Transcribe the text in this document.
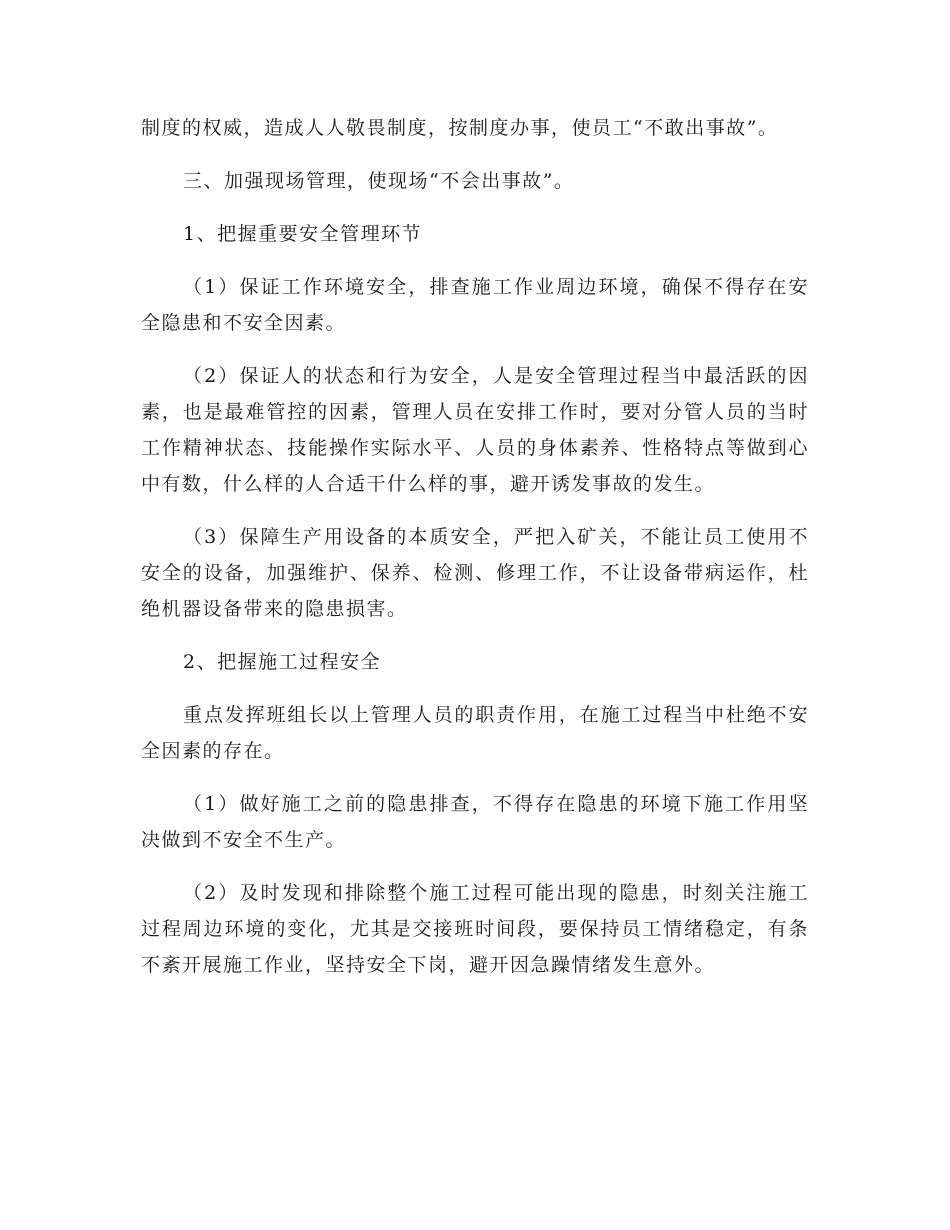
制度的权威，造成人人敬畏制度，按制度办事，使员工“不敢出事故”。

三、加强现场管理，使现场“不会出事故”。

1、把握重要安全管理环节

（1）保证工作环境安全，排查施工作业周边环境，确保不得存在安全隐患和不安全因素。

（2）保证人的状态和行为安全，人是安全管理过程当中最活跃的因素，也是最难管控的因素，管理人员在安排工作时，要对分管人员的当时工作精神状态、技能操作实际水平、人员的身体素养、性格特点等做到心中有数，什么样的人合适干什么样的事，避开诱发事故的发生。

（3）保障生产用设备的本质安全，严把入矿关，不能让员工使用不安全的设备，加强维护、保养、检测、修理工作，不让设备带病运作，杜绝机器设备带来的隐患损害。

2、把握施工过程安全

重点发挥班组长以上管理人员的职责作用，在施工过程当中杜绝不安全因素的存在。

（1）做好施工之前的隐患排查，不得存在隐患的环境下施工作用坚决做到不安全不生产。

（2）及时发现和排除整个施工过程可能出现的隐患，时刻关注施工过程周边环境的变化，尤其是交接班时间段，要保持员工情绪稳定，有条不紊开展施工作业，坚持安全下岗，避开因急躁情绪发生意外。
